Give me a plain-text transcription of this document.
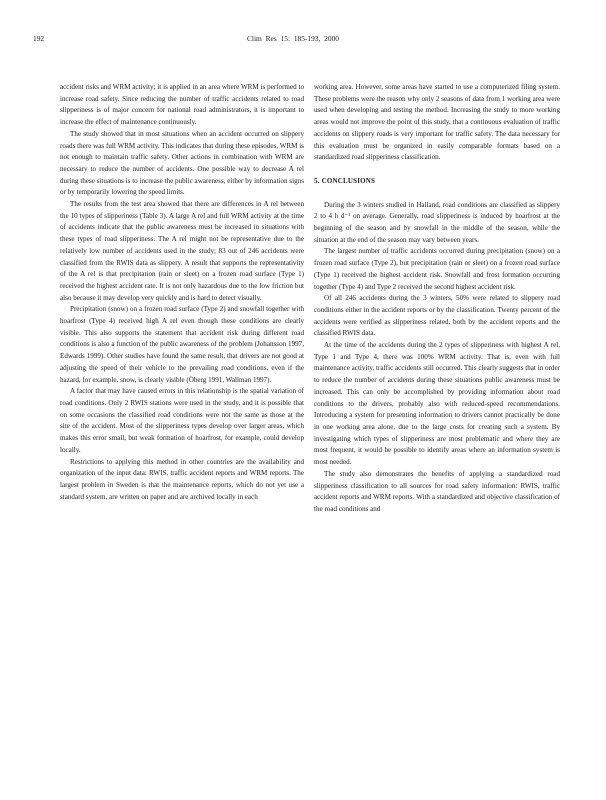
192	Clim Res 15: 185-193, 2000

accident risks and WRM activity; it is applied in an area where WRM is performed to increase road safety. Since reducing the number of traffic accidents related to road slipperiness is of major concern for national road administrators, it is important to increase the effect of maintenance continuously.

The study showed that in most situations when an accident occurred on slippery roads there was full WRM activity. This indicates that during these episodes, WRM is not enough to maintain traffic safety. Other actions in combination with WRM are necessary to reduce the number of accidents. One possible way to decrease A rel during these situations is to increase the public awareness, either by information signs or by temporarily lowering the speed limits.

The results from the test area showed that there are differences in A rel between the 10 types of slipperiness (Table 3). A large A rel and full WRM activity at the time of accidents indicate that the public awareness must be increased in situations with these types of road slipperiness. The A rel might not be representative due to the relatively low number of accidents used in the study; 83 out of 246 accidents were classified from the RWIS data as slippery. A result that supports the representativity of the A rel is that precipitation (rain or sleet) on a frozen road surface (Type 1) received the highest accident rate. It is not only hazardous due to the low friction but also because it may develop very quickly and is hard to detect visually.

Precipitation (snow) on a frozen road surface (Type 2) and snowfall together with hoarfrost (Type 4) received high A rel even though these conditions are clearly visible. This also supports the statement that accident risk during different road conditions is also a function of the public awareness of the problem (Johansson 1997, Edwards 1999). Other studies have found the same result, that drivers are not good at adjusting the speed of their vehicle to the prevailing road conditions, even if the hazard, for example, snow, is clearly visible (Öberg 1991, Wallman 1997).

A factor that may have caused errors in this relationship is the spatial variation of road conditions. Only 2 RWIS stations were used in the study, and it is possible that on some occasions the classified road conditions were not the same as those at the site of the accident. Most of the slipperiness types develop over larger areas, which makes this error small, but weak formation of hoarfrost, for example, could develop locally.

Restrictions to applying this method in other countries are the availability and organization of the input data: RWIS, traffic accident reports and WRM reports. The largest problem in Sweden is that the maintenance reports, which do not yet use a standard system, are written on paper and are archived locally in each

working area. However, some areas have started to use a computerized filing system. These problems were the reason why only 2 seasons of data from 1 working area were used when developing and testing the method. Increasing the study to more working areas would not improve the point of this study, that a continuous evaluation of traffic accidents on slippery roads is very important for traffic safety. The data necessary for this evaluation must be organized in easily comparable formats based on a standardized road slipperiness classification.

5. CONCLUSIONS

During the 3 winters studied in Halland, road conditions are classified as slippery 2 to 4 h d⁻¹ on average. Generally, road slipperiness is induced by hoarfrost at the beginning of the season and by snowfall in the middle of the season, while the situation at the end of the season may vary between years.

The largest number of traffic accidents occurred during precipitation (snow) on a frozen road surface (Type 2), but precipitation (rain or sleet) on a frozen road surface (Type 1) received the highest accident risk. Snowfall and frost formation occurring together (Type 4) and Type 2 received the second highest accident risk.

Of all 246 accidents during the 3 winters, 50% were related to slippery road conditions either in the accident reports or by the classification. Twenty percent of the accidents were verified as slipperiness related, both by the accident reports and the classified RWIS data.

At the time of the accidents during the 2 types of slipperiness with highest A rel, Type 1 and Type 4, there was 100% WRM activity. That is, even with full maintenance activity, traffic accidents still occurred. This clearly suggests that in order to reduce the number of accidents during these situations public awareness must be increased. This can only be accomplished by providing information about road conditions to the drivers, probably also with reduced-speed recommendations. Introducing a system for presenting information to drivers cannot practically be done in one working area alone, due to the large costs for creating such a system. By investigating which types of slipperiness are most problematic and where they are most frequent, it would be possible to identify areas where an information system is most needed.

The study also demonstrates the benefits of applying a standardized road slipperiness classification to all sources for road safety information: RWIS, traffic accident reports and WRM reports. With a standardized and objective classification of the road conditions and
